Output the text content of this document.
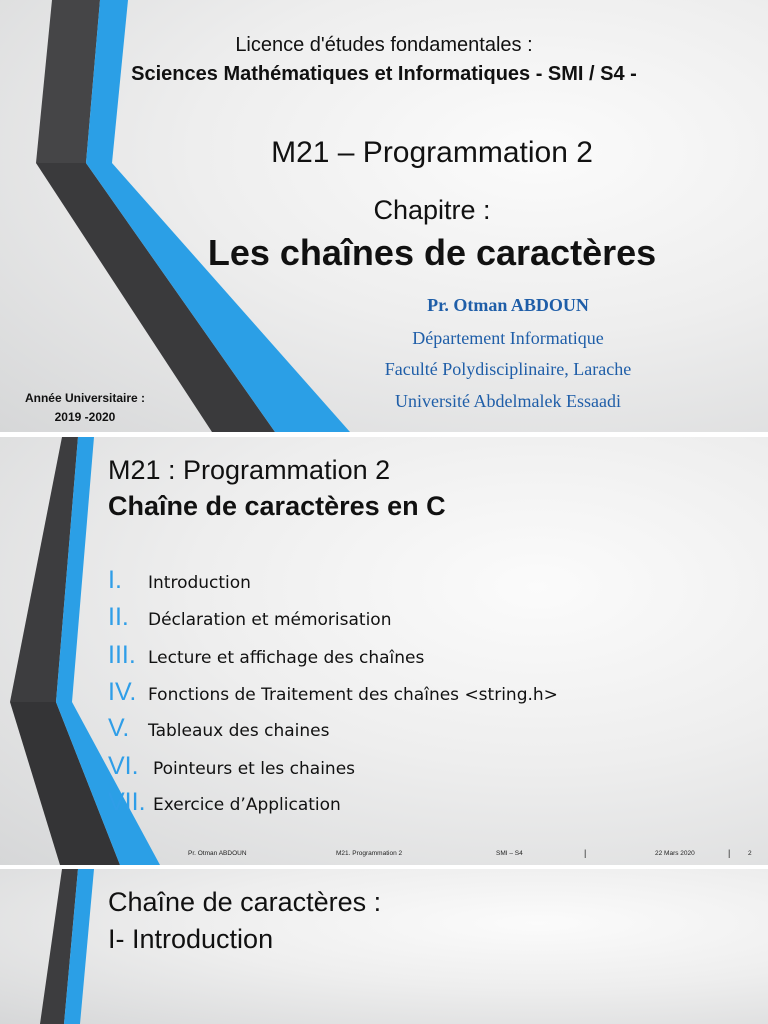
Licence d'études fondamentales :
Sciences Mathématiques et Informatiques - SMI / S4 -
M21 – Programmation 2
Chapitre :
Les chaînes de caractères
Pr. Otman ABDOUN
Département Informatique
Faculté Polydisciplinaire, Larache
Université Abdelmalek Essaadi
Année Universitaire :
2019 -2020
M21 : Programmation 2
Chaîne de caractères en C
I. Introduction
II. Déclaration et mémorisation
III. Lecture et affichage des chaînes
IV. Fonctions de Traitement des chaînes <string.h>
V. Tableaux des chaines
VI. Pointeurs et les chaines
VII. Exercice d’Application
Pr. Otman ABDOUN	M21. Programmation 2	SMI – S4	|	22 Mars 2020	|	2
Chaîne de caractères :
I- Introduction
